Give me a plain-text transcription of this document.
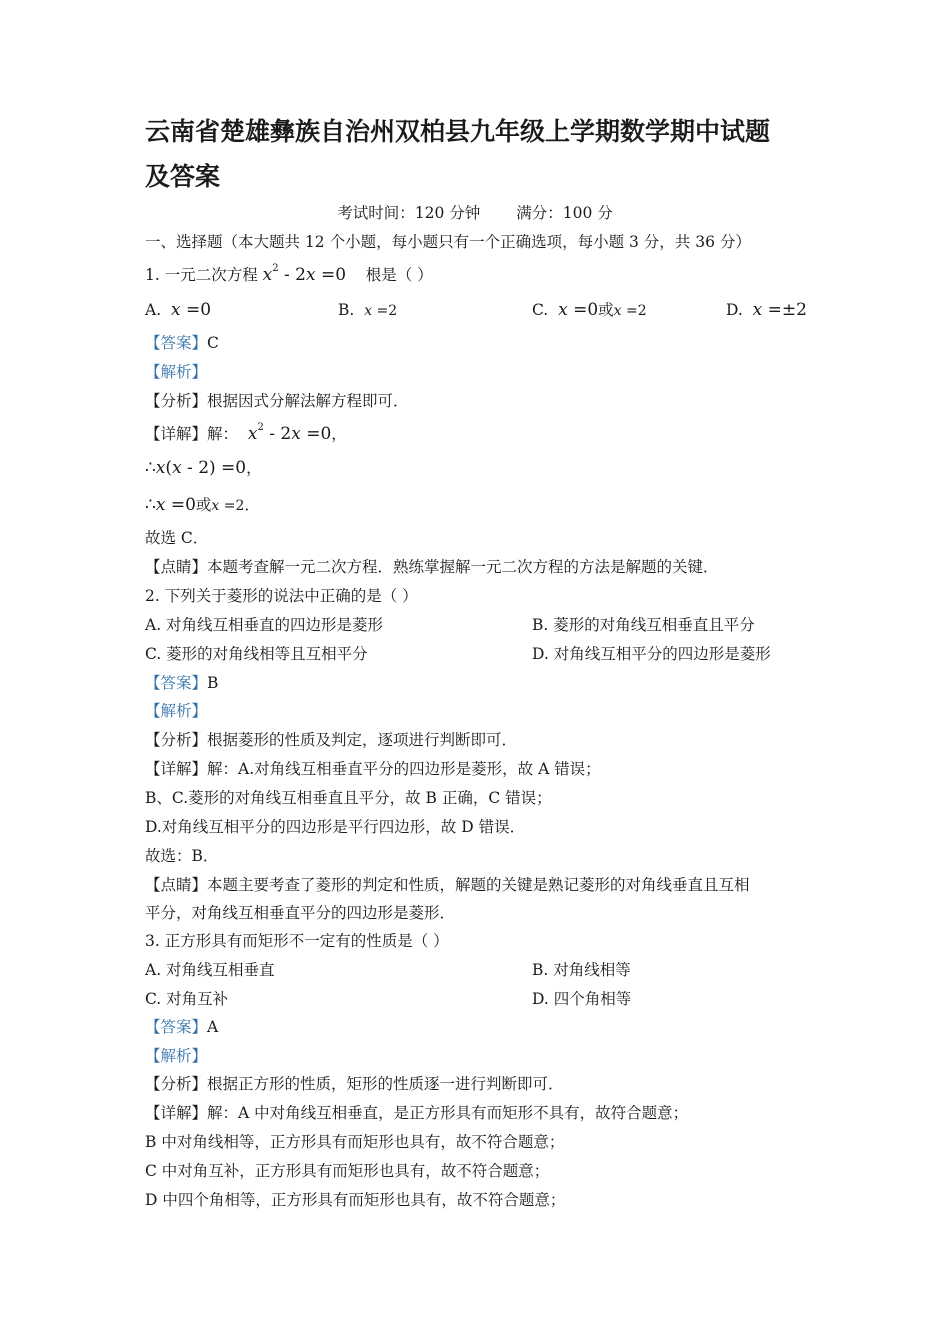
云南省楚雄彝族自治州双柏县九年级上学期数学期中试题
及答案
考试时间：120 分钟 满分：100 分
一、选择题（本大题共 12 个小题，每小题只有一个正确选项，每小题 3 分，共 36 分）
1. 一元二次方程 $x^2 - 2x =0$ 根是（ ）
A. x =0	B. x =2	C. x =0或x =2	D. x =±2
【答案】C
【解析】
【分析】根据因式分解法解方程即可．
【详解】解： $x^2 - 2x =0$，
∴x(x - 2) =0，
∴x =0或x =2．
故选 C．
【点睛】本题考查解一元二次方程．熟练掌握解一元二次方程的方法是解题的关键．
2. 下列关于菱形的说法中正确的是（ ）
A. 对角线互相垂直的四边形是菱形	B. 菱形的对角线互相垂直且平分
C. 菱形的对角线相等且互相平分	D. 对角线互相平分的四边形是菱形
【答案】B
【解析】
【分析】根据菱形的性质及判定，逐项进行判断即可．
【详解】解：A.对角线互相垂直平分的四边形是菱形，故 A 错误；
B、C.菱形的对角线互相垂直且平分，故 B 正确，C 错误；
D.对角线互相平分的四边形是平行四边形，故 D 错误．
故选：B．
【点睛】本题主要考查了菱形的判定和性质，解题的关键是熟记菱形的对角线垂直且互相
平分，对角线互相垂直平分的四边形是菱形．
3. 正方形具有而矩形不一定有的性质是（ ）
A. 对角线互相垂直	B. 对角线相等
C. 对角互补	D. 四个角相等
【答案】A
【解析】
【分析】根据正方形的性质，矩形的性质逐一进行判断即可．
【详解】解：A 中对角线互相垂直，是正方形具有而矩形不具有，故符合题意；
B 中对角线相等，正方形具有而矩形也具有，故不符合题意；
C 中对角互补，正方形具有而矩形也具有，故不符合题意；
D 中四个角相等，正方形具有而矩形也具有，故不符合题意；
